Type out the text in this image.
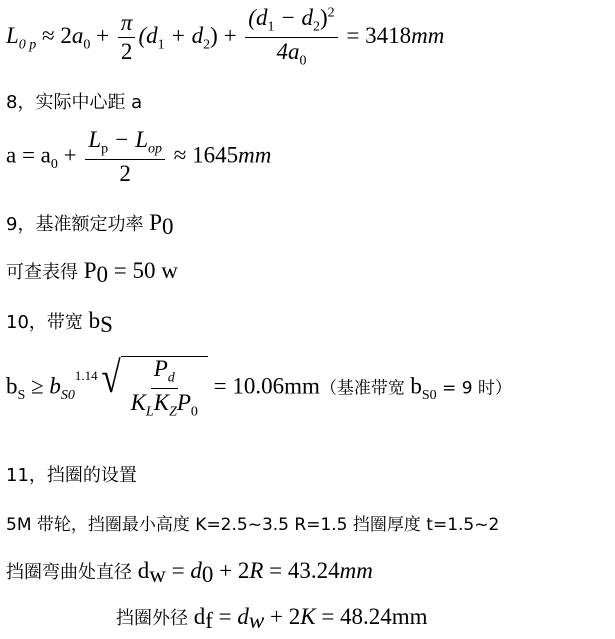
$L_{0 p} \approx 2a_0 + \frac{\pi}{2} (d_1 + d_2) + \frac{(d_1 - d_2)^2}{4a_0} = 3418mm$
8，实际中心距 a
$a = a_0 + \frac{L_p - L_{op}}{2} \approx 1645mm$
9，基准额定功率 $P_0$
可查表得 $P_0 = 50$ w
10，带宽 $b_S$
$b_S \ge b_{S0}^{1.14}$ √ $\frac{P_d}{K_LK_ZP_0} = 10.06mm$（基准带宽 $b_{S0} = 9$ 时）
11，挡圈的设置
5M 带轮，挡圈最小高度 K=2.5~3.5 R=1.5 挡圈厚度 t=1.5~2
挡圈弯曲处直径 $d_w = d_0 + 2R = 43.24mm$
挡圈外径 $d_f = d_w + 2K = 48.24mm$
